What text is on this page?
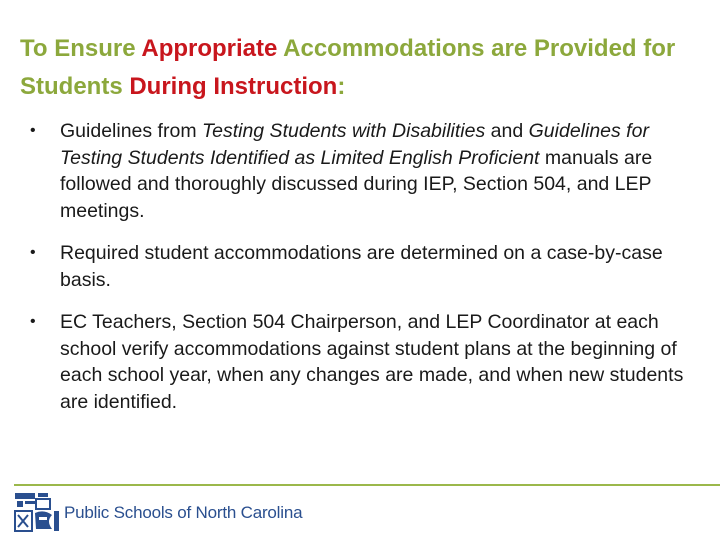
To Ensure Appropriate Accommodations are Provided for Students During Instruction:
• Guidelines from Testing Students with Disabilities and Guidelines for Testing Students Identified as Limited English Proficient manuals are followed and thoroughly discussed during IEP, Section 504, and LEP meetings.
• Required student accommodations are determined on a case-by-case basis.
• EC Teachers, Section 504 Chairperson, and LEP Coordinator at each school verify accommodations against student plans at the beginning of each school year, when any changes are made, and when new students are identified.
Public Schools of North Carolina
